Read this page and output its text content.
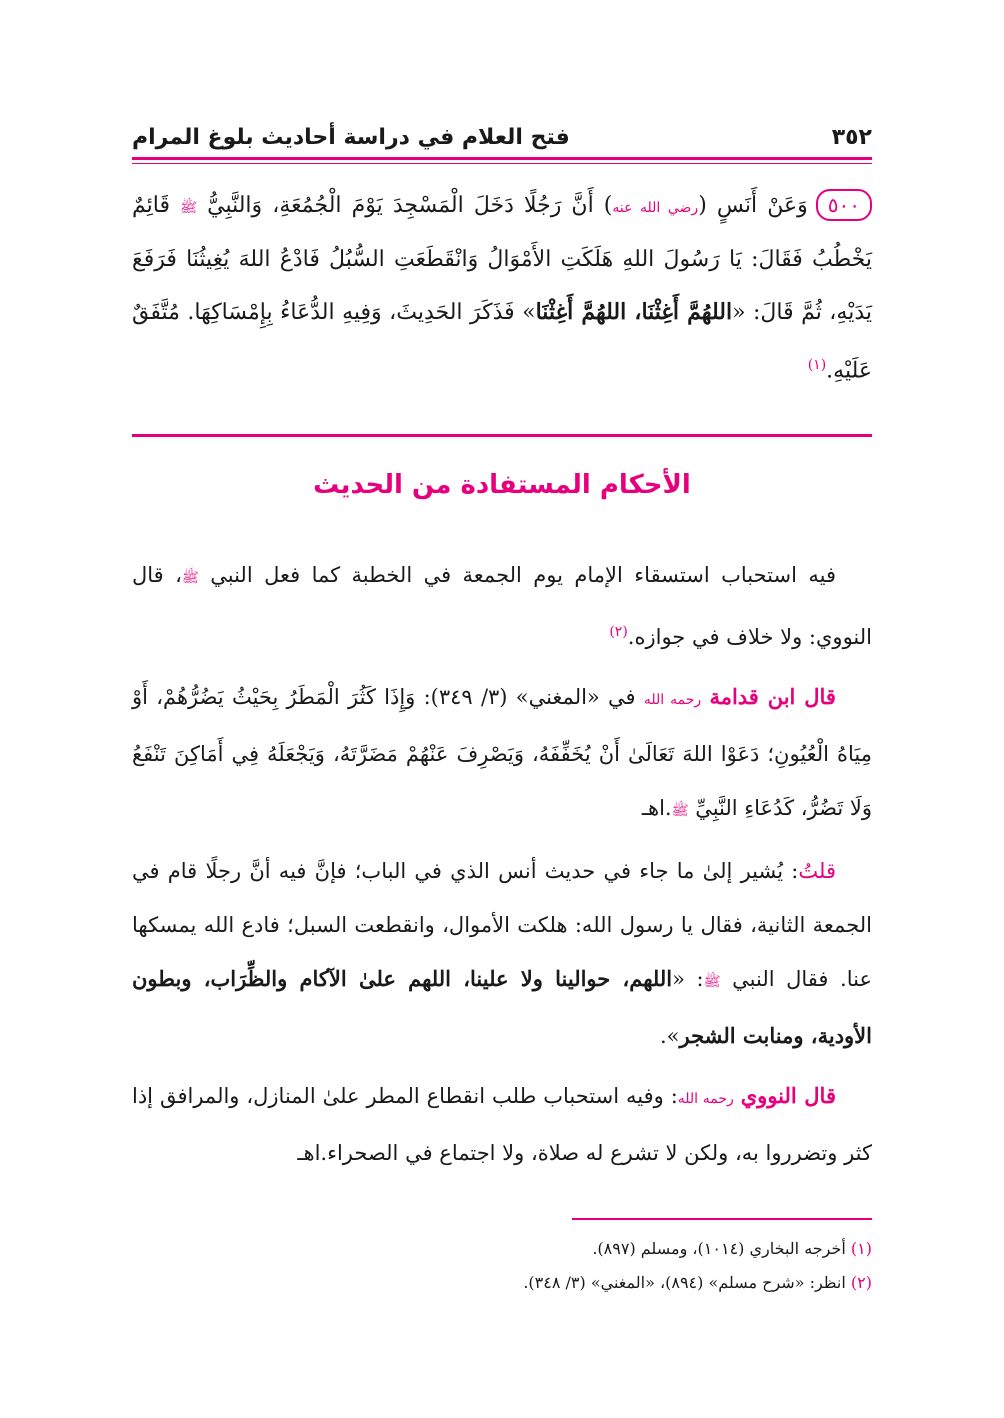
٣٥٢
فتح العلام في دراسة أحاديث بلوغ المرام
٥٠٠وَعَنْ أَنَسٍ (رضي الله عنه) أَنَّ رَجُلًا دَخَلَ الْمَسْجِدَ يَوْمَ الْجُمُعَةِ، وَالنَّبِيُّ ﷺ قَائِمٌ يَخْطُبُ فَقَالَ: يَا رَسُولَ اللهِ هَلَكَتِ الأَمْوَالُ وَانْقَطَعَتِ السُّبُلُ فَادْعُ اللهَ يُغِيثُنَا فَرَفَعَ يَدَيْهِ، ثُمَّ قَالَ: «اللهُمَّ أَغِثْنَا، اللهُمَّ أَغِثْنَا» فَذَكَرَ الحَدِيثَ، وَفِيهِ الدُّعَاءُ بِإِمْسَاكِهَا. مُتَّفَقٌ عَلَيْهِ.$^{(١)}$
الأحكام المستفادة من الحديث

فيه استحباب استسقاء الإمام يوم الجمعة في الخطبة كما فعل النبي ﷺ، قال النووي: ولا خلاف في جوازه.$^{(٢)}$

قال ابن قدامة رحمه الله في «المغني» (٣/ ٣٤٩): وَإِذَا كَثُرَ الْمَطَرُ بِحَيْثُ يَضُرُّهُمْ، أَوْ مِيَاهُ الْعُيُونِ؛ دَعَوْا اللهَ تَعَالَىٰ أَنْ يُخَفِّفَهُ، وَيَصْرِفَ عَنْهُمْ مَضَرَّتَهُ، وَيَجْعَلَهُ فِي أَمَاكِنَ تَنْفَعُ وَلَا تَضُرُّ، كَدُعَاءِ النَّبِيِّ ﷺ.اهـ

قلتُ: يُشير إلىٰ ما جاء في حديث أنس الذي في الباب؛ فإنَّ فيه أنَّ رجلًا قام في الجمعة الثانية، فقال يا رسول الله: هلكت الأموال، وانقطعت السبل؛ فادع الله يمسكها عنا. فقال النبي ﷺ: «اللهم، حوالينا ولا علينا، اللهم علىٰ الآكام والظِّرَاب، وبطون الأودية، ومنابت الشجر».

قال النووي رحمه الله: وفيه استحباب طلب انقطاع المطر علىٰ المنازل، والمرافق إذا كثر وتضرروا به، ولكن لا تشرع له صلاة، ولا اجتماع في الصحراء.اهـ

(١) أخرجه البخاري (١٠١٤)، ومسلم (٨٩٧).
(٢) انظر: «شرح مسلم» (٨٩٤)، «المغني» (٣/ ٣٤٨).
